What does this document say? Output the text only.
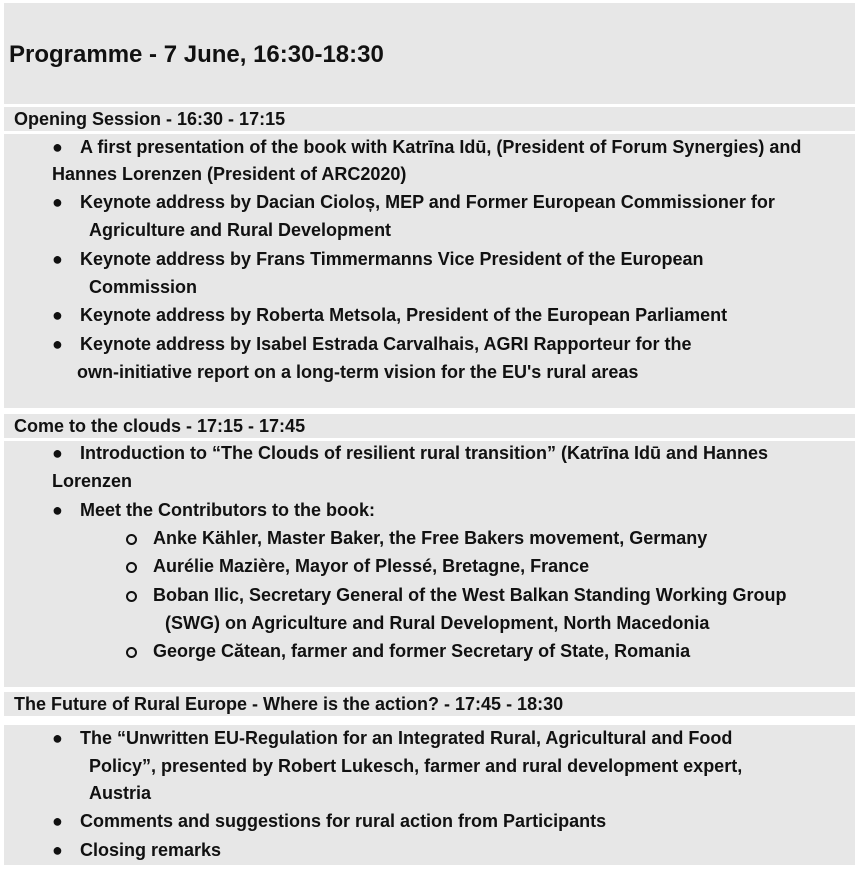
Programme - 7 June, 16:30-18:30
Opening Session - 16:30 - 17:15
● A first presentation of the book with Katrīna Idū, (President of Forum Synergies) and
Hannes Lorenzen (President of ARC2020)
● Keynote address by Dacian Cioloș, MEP and Former European Commissioner for
Agriculture and Rural Development
● Keynote address by Frans Timmermanns Vice President of the European
Commission
● Keynote address by Roberta Metsola, President of the European Parliament
● Keynote address by Isabel Estrada Carvalhais, AGRI Rapporteur for the
own-initiative report on a long-term vision for the EU's rural areas
Come to the clouds - 17:15 - 17:45
● Introduction to “The Clouds of resilient rural transition” (Katrīna Idū and Hannes
Lorenzen
● Meet the Contributors to the book:
Anke Kähler, Master Baker, the Free Bakers movement, Germany
Aurélie Mazière, Mayor of Plessé, Bretagne, France
Boban Ilic, Secretary General of the West Balkan Standing Working Group
(SWG) on Agriculture and Rural Development, North Macedonia
George Cătean, farmer and former Secretary of State, Romania
The Future of Rural Europe - Where is the action? - 17:45 - 18:30
● The “Unwritten EU-Regulation for an Integrated Rural, Agricultural and Food
Policy”, presented by Robert Lukesch, farmer and rural development expert,
Austria
● Comments and suggestions for rural action from Participants
● Closing remarks
